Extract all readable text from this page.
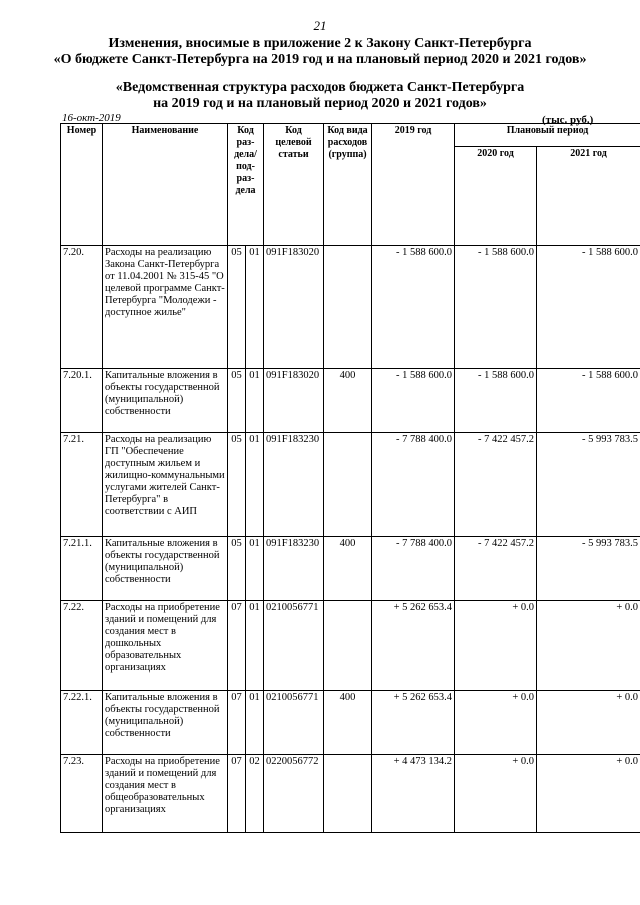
21
Изменения, вносимые в приложение 2 к Закону Санкт-Петербурга
«О бюджете Санкт-Петербурга на 2019 год и на плановый период 2020 и 2021 годов»
«Ведомственная структура расходов бюджета Санкт-Петербурга
на 2019 год и на плановый период 2020 и 2021 годов»
16-окт-2019	(тыс. руб.)
Номер	Наименование	Код раз-дела/ под-раз-дела		Код целевой статьи	Код вида расходов (группа)	2019 год	Плановый период	
							2020 год	2021 год
7.20.	Расходы на реализацию Закона Санкт-Петербурга от 11.04.2001 № 315-45 "О целевой программе Санкт-Петербурга "Молодежи - доступное жилье"	05	01	091F183020		- 1 588 600.0	- 1 588 600.0	- 1 588 600.0
7.20.1.	Капитальные вложения в объекты государственной (муниципальной) собственности	05	01	091F183020	400	- 1 588 600.0	- 1 588 600.0	- 1 588 600.0
7.21.	Расходы на реализацию ГП "Обеспечение доступным жильем и жилищно-коммунальными услугами жителей Санкт-Петербурга" в соответствии с АИП	05	01	091F183230		- 7 788 400.0	- 7 422 457.2	- 5 993 783.5
7.21.1.	Капитальные вложения в объекты государственной (муниципальной) собственности	05	01	091F183230	400	- 7 788 400.0	- 7 422 457.2	- 5 993 783.5
7.22.	Расходы на приобретение зданий и помещений для создания мест в дошкольных образовательных организациях	07	01	0210056771		+ 5 262 653.4	+ 0.0	+ 0.0
7.22.1.	Капитальные вложения в объекты государственной (муниципальной) собственности	07	01	0210056771	400	+ 5 262 653.4	+ 0.0	+ 0.0
7.23.	Расходы на приобретение зданий и помещений для создания мест в общеобразовательных организациях	07	02	0220056772		+ 4 473 134.2	+ 0.0	+ 0.0
